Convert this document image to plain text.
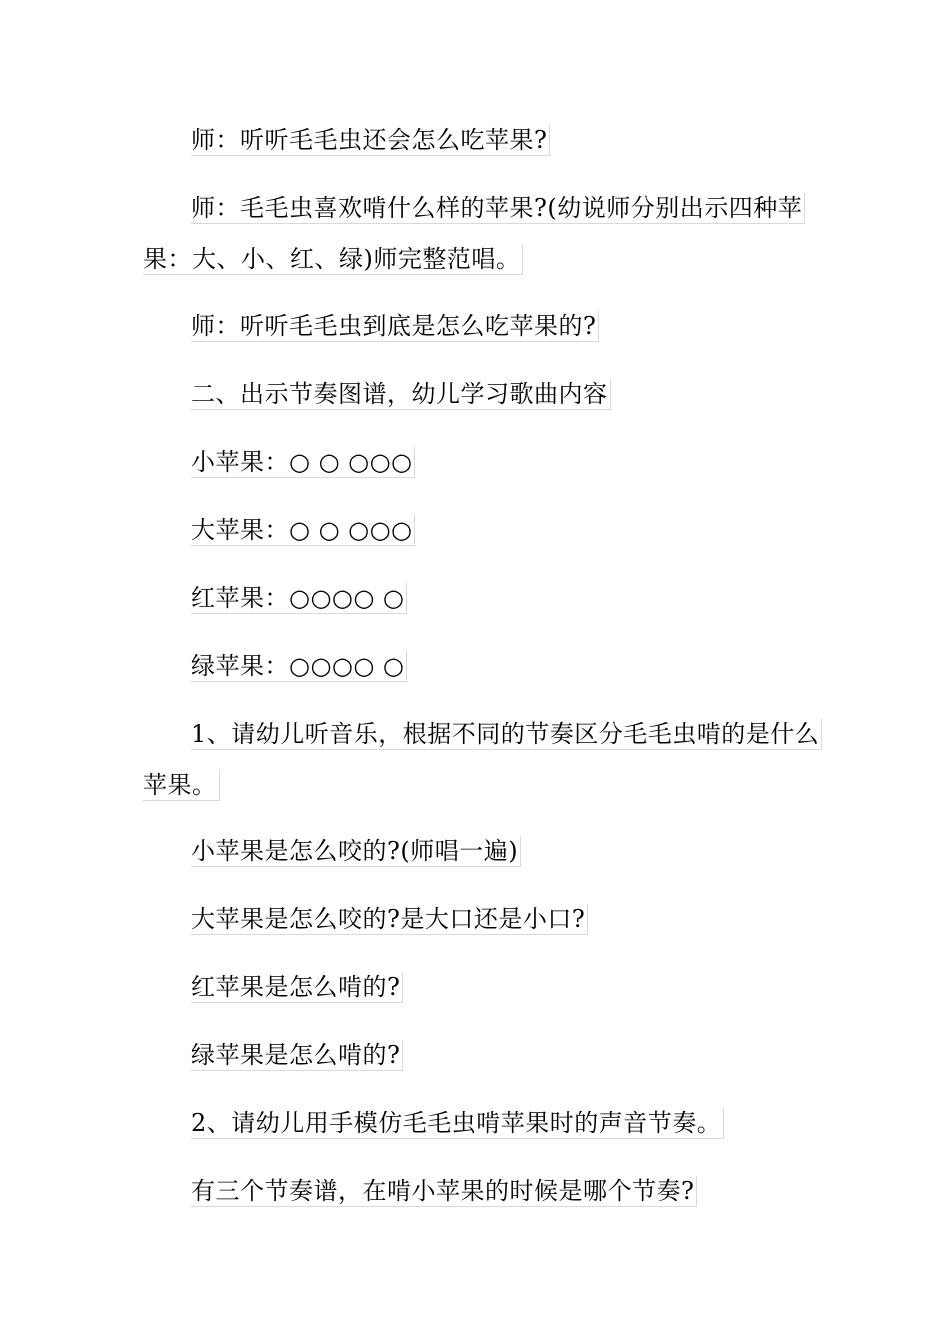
师：听听毛毛虫还会怎么吃苹果?
师：毛毛虫喜欢啃什么样的苹果?(幼说师分别出示四种苹
果：大、小、红、绿)师完整范唱。
师：听听毛毛虫到底是怎么吃苹果的?
二、出示节奏图谱，幼儿学习歌曲内容
小苹果：○ ○ ○○○
大苹果：○ ○ ○○○
红苹果：○○○○ ○
绿苹果：○○○○ ○
1、请幼儿听音乐，根据不同的节奏区分毛毛虫啃的是什么
苹果。
小苹果是怎么咬的?(师唱一遍)
大苹果是怎么咬的?是大口还是小口?
红苹果是怎么啃的?
绿苹果是怎么啃的?
2、请幼儿用手模仿毛毛虫啃苹果时的声音节奏。
有三个节奏谱，在啃小苹果的时候是哪个节奏?
